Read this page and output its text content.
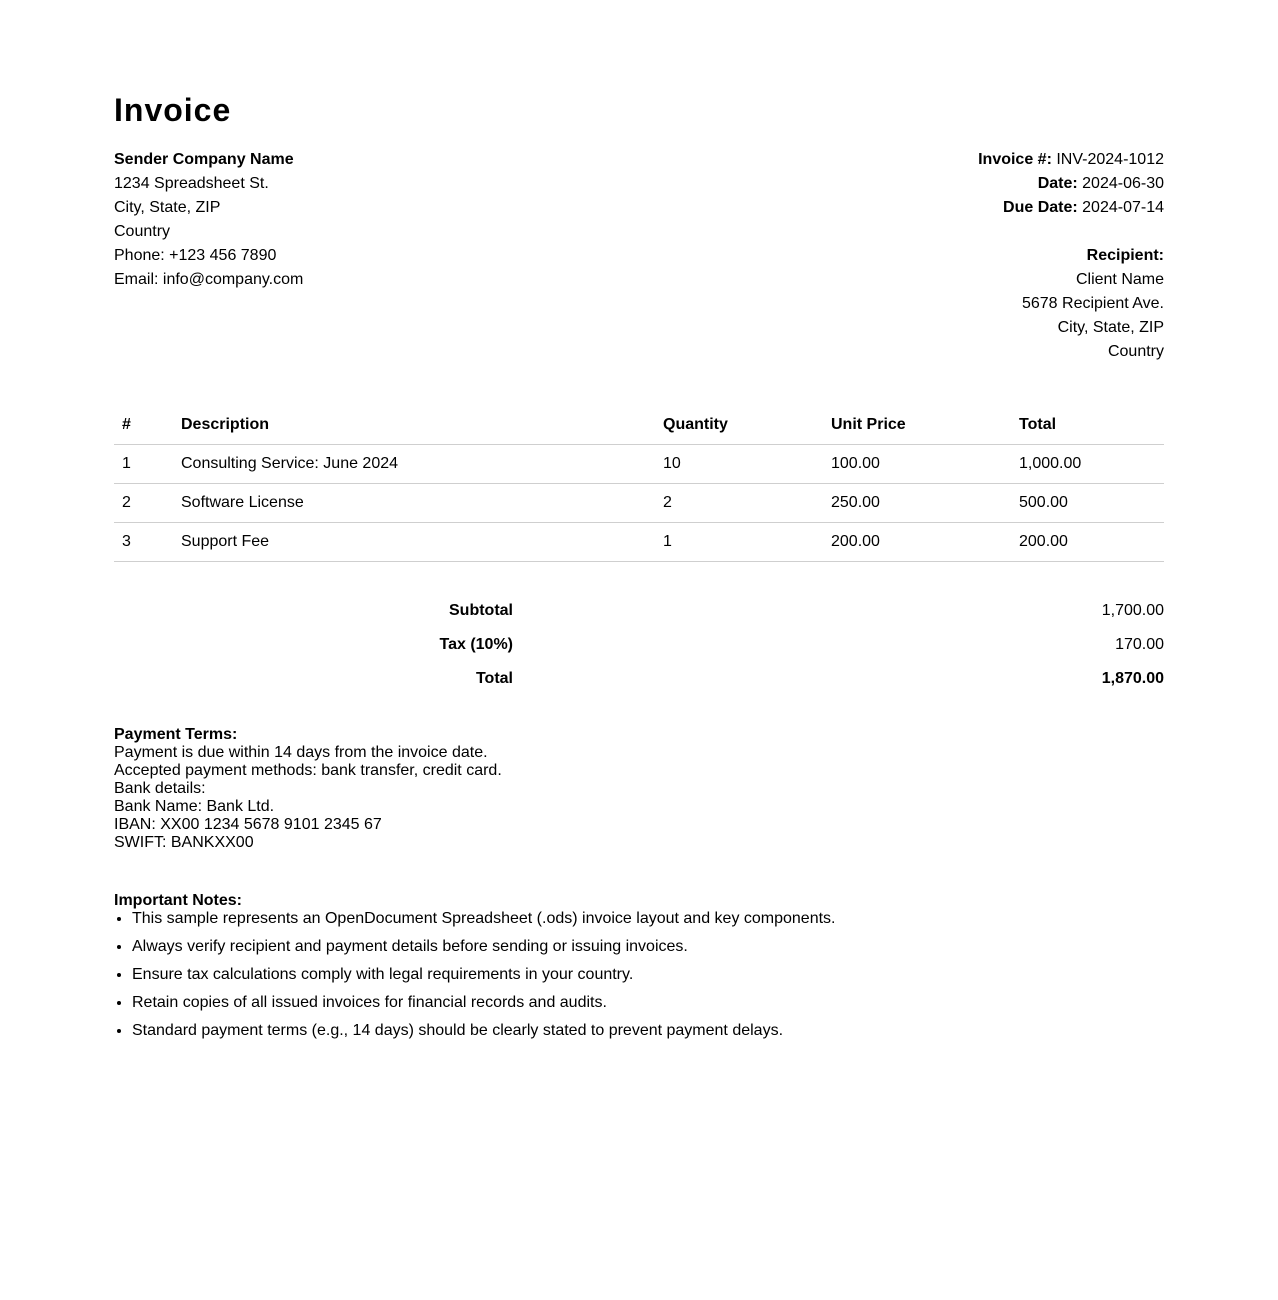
Invoice
Sender Company Name
1234 Spreadsheet St.
City, State, ZIP
Country
Phone: +123 456 7890
Email: info@company.com
Invoice #: INV-2024-1012
Date: 2024-06-30
Due Date: 2024-07-14
Recipient:
Client Name
5678 Recipient Ave.
City, State, ZIP
Country
#	Description	Quantity	Unit Price	Total
1	Consulting Service: June 2024	10	100.00	1,000.00
2	Software License	2	250.00	500.00
3	Support Fee	1	200.00	200.00
Subtotal	1,700.00
Tax (10%)	170.00
Total	1,870.00
Payment Terms:
Payment is due within 14 days from the invoice date.
Accepted payment methods: bank transfer, credit card.
Bank details:
Bank Name: Bank Ltd.
IBAN: XX00 1234 5678 9101 2345 67
SWIFT: BANKXX00
Important Notes:
• This sample represents an OpenDocument Spreadsheet (.ods) invoice layout and key components.
• Always verify recipient and payment details before sending or issuing invoices.
• Ensure tax calculations comply with legal requirements in your country.
• Retain copies of all issued invoices for financial records and audits.
• Standard payment terms (e.g., 14 days) should be clearly stated to prevent payment delays.
